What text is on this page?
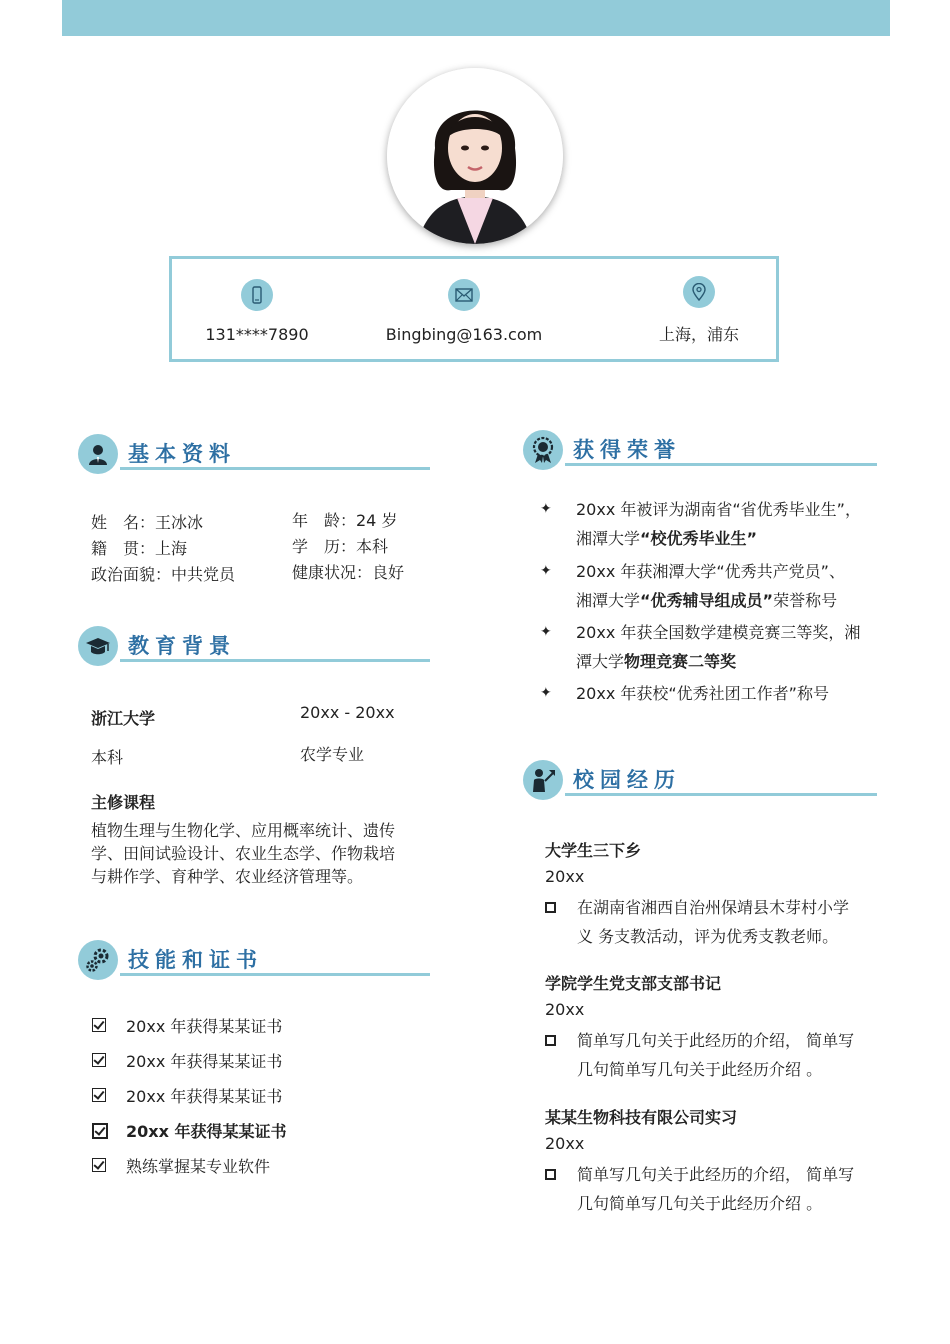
131****7890	Bingbing@163.com	上海，浦东
基本资料
姓　名：王冰冰	年　龄：24 岁
籍　贯：上海	学　历：本科
政治面貌：中共党员	健康状况：良好
教育背景
浙江大学	20xx - 20xx
本科	农学专业
主修课程
植物生理与生物化学、应用概率统计、遗传
学、田间试验设计、农业生态学、作物栽培
与耕作学、育种学、农业经济管理等。
技能和证书
20xx 年获得某某证书
20xx 年获得某某证书
20xx 年获得某某证书
20xx 年获得某某证书
熟练掌握某专业软件
获得荣誉
✦ 20xx 年被评为湖南省“省优秀毕业生”，
湘潭大学“校优秀毕业生”
✦ 20xx 年获湘潭大学“优秀共产党员”、
湘潭大学“优秀辅导组成员”荣誉称号
✦ 20xx 年获全国数学建模竞赛三等奖，湘
潭大学物理竞赛二等奖
✦ 20xx 年获校“优秀社团工作者”称号
校园经历
大学生三下乡
20xx
在湖南省湘西自治州保靖县木芽村小学
义 务支教活动，评为优秀支教老师。
学院学生党支部支部书记
20xx
简单写几句关于此经历的介绍， 简单写
几句简单写几句关于此经历介绍 。
某某生物科技有限公司实习
20xx
简单写几句关于此经历的介绍， 简单写
几句简单写几句关于此经历介绍 。
